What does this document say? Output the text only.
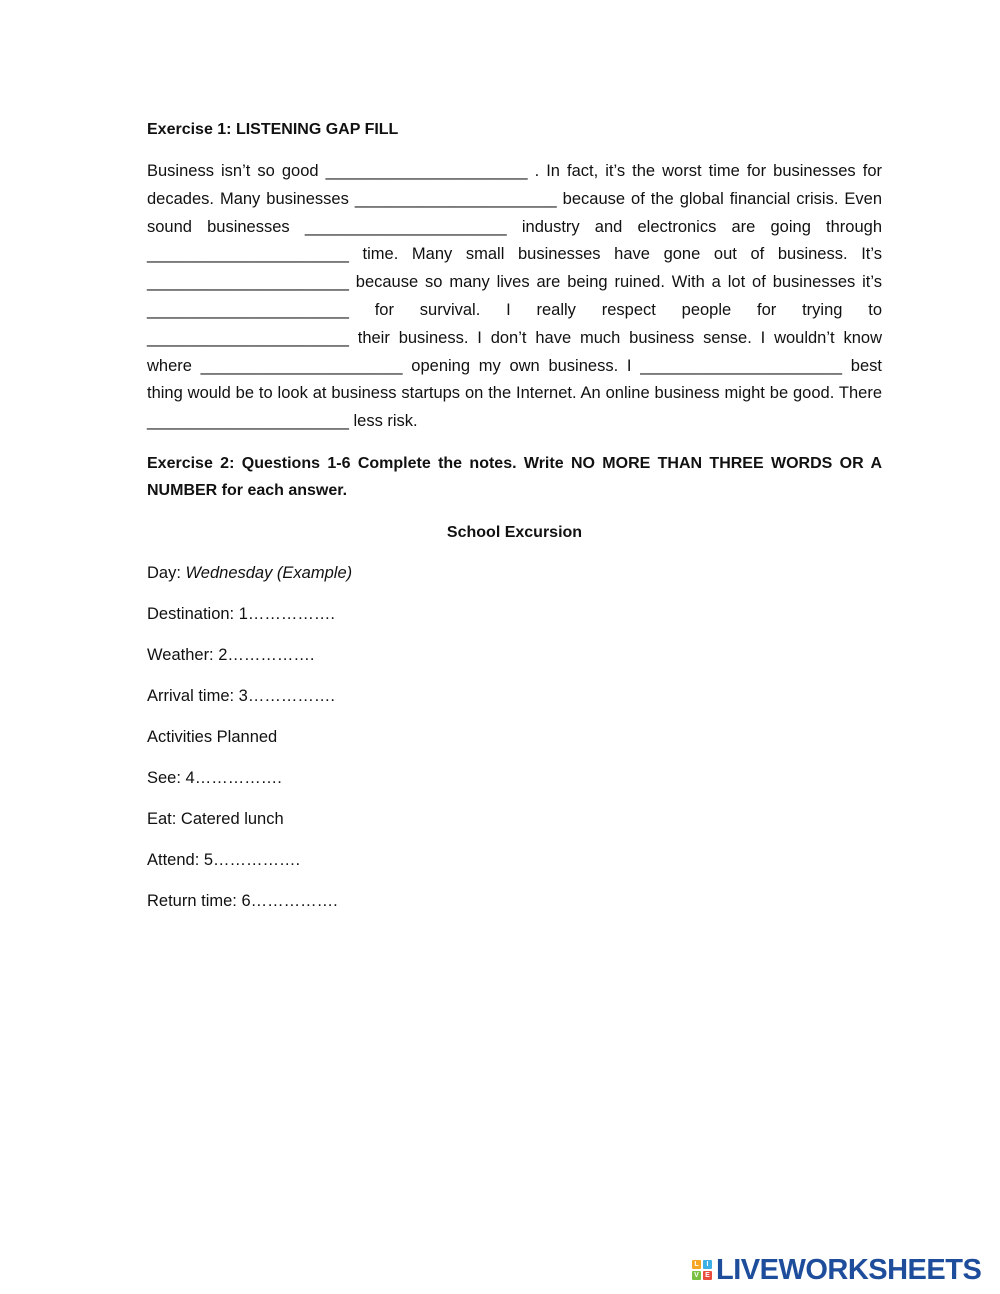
Exercise 1: LISTENING GAP FILL
Business isn’t so good ______________________ . In fact, it’s the worst time for businesses for decades. Many businesses ______________________ because of the global financial crisis. Even sound businesses ______________________ industry and electronics are going through ______________________ time. Many small businesses have gone out of business. It’s ______________________ because so many lives are being ruined. With a lot of businesses it’s ______________________ for survival. I really respect people for trying to ______________________ their business. I don’t have much business sense. I wouldn’t know where ______________________ opening my own business. I ______________________ best thing would be to look at business startups on the Internet. An online business might be good. There ______________________ less risk.
Exercise 2: Questions 1-6 Complete the notes. Write NO MORE THAN THREE WORDS OR A NUMBER for each answer.
School Excursion
Day: Wednesday (Example)
Destination: 1…………….
Weather: 2…………….
Arrival time: 3…………….
Activities Planned
See: 4…………….
Eat: Catered lunch
Attend: 5…………….
Return time: 6…………….
L	I
V E LIVEWORKSHEETS
